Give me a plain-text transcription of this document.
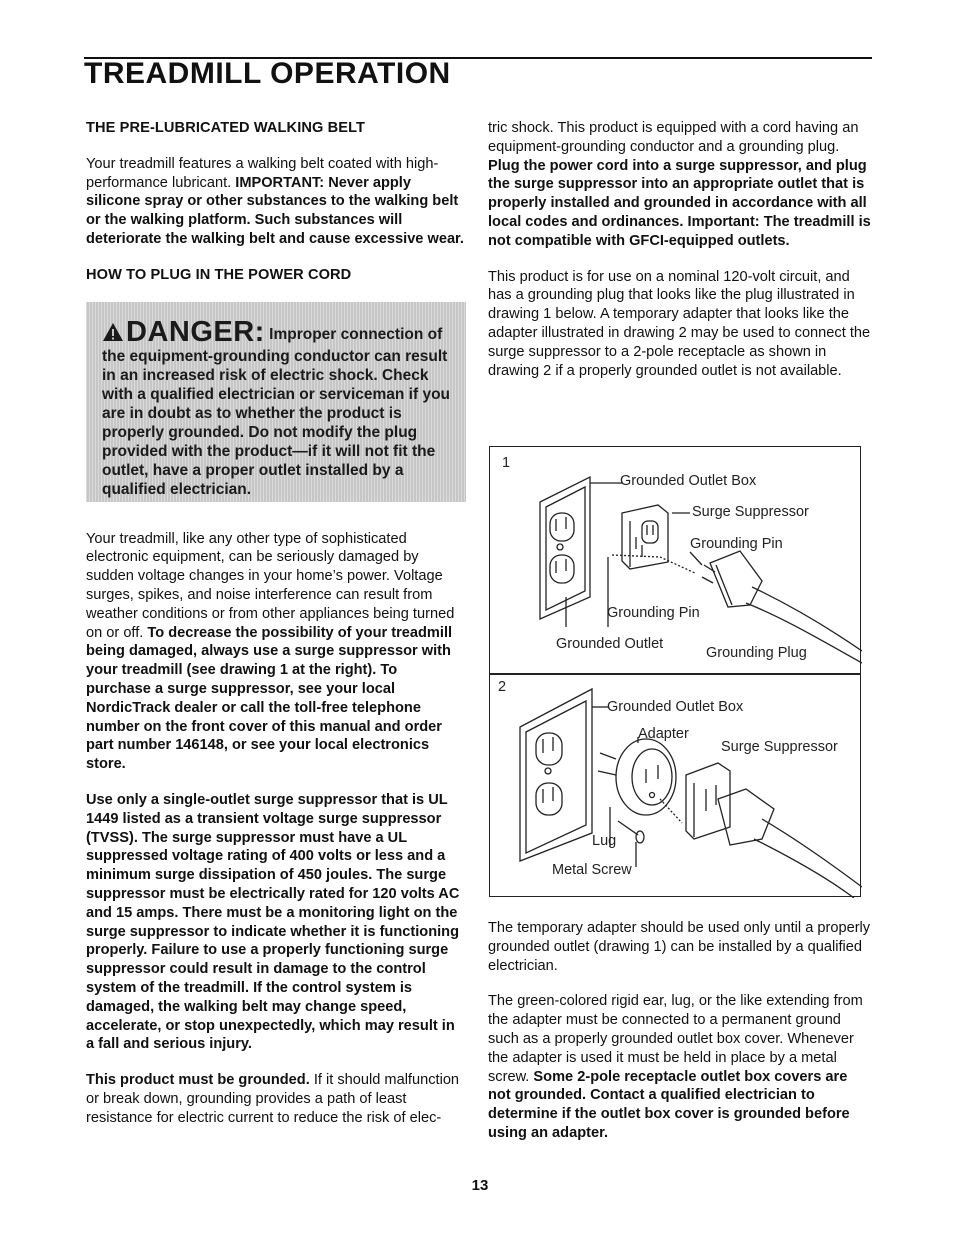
TREADMILL OPERATION
THE PRE-LUBRICATED WALKING BELT

Your treadmill features a walking belt coated with high-performance lubricant. IMPORTANT: Never apply silicone spray or other substances to the walking belt or the walking platform. Such substances will deteriorate the walking belt and cause excessive wear.

HOW TO PLUG IN THE POWER CORD
DANGER: Improper connection of the equipment-grounding conductor can result in an increased risk of electric shock. Check with a qualified electrician or serviceman if you are in doubt as to whether the product is properly grounded. Do not modify the plug provided with the product—if it will not fit the outlet, have a proper outlet installed by a qualified electrician.

Your treadmill, like any other type of sophisticated electronic equipment, can be seriously damaged by sudden voltage changes in your home’s power. Voltage surges, spikes, and noise interference can result from weather conditions or from other appliances being turned on or off. To decrease the possibility of your treadmill being damaged, always use a surge suppressor with your treadmill (see drawing 1 at the right). To purchase a surge suppressor, see your local NordicTrack dealer or call the toll-free telephone number on the front cover of this manual and order part number 146148, or see your local electronics store.

Use only a single-outlet surge suppressor that is UL 1449 listed as a transient voltage surge suppressor (TVSS). The surge suppressor must have a UL suppressed voltage rating of 400 volts or less and a minimum surge dissipation of 450 joules. The surge suppressor must be electrically rated for 120 volts AC and 15 amps. There must be a monitoring light on the surge suppressor to indicate whether it is functioning properly. Failure to use a properly functioning surge suppressor could result in damage to the control system of the treadmill. If the control system is damaged, the walking belt may change speed, accelerate, or stop unexpectedly, which may result in a fall and serious injury.

This product must be grounded. If it should malfunction or break down, grounding provides a path of least resistance for electric current to reduce the risk of elec-

tric shock. This product is equipped with a cord having an equipment-grounding conductor and a grounding plug. Plug the power cord into a surge suppressor, and plug the surge suppressor into an appropriate outlet that is properly installed and grounded in accordance with all local codes and ordinances. Important: The treadmill is not compatible with GFCI-equipped outlets.

This product is for use on a nominal 120-volt circuit, and has a grounding plug that looks like the plug illustrated in drawing 1 below. A temporary adapter that looks like the adapter illustrated in drawing 2 may be used to connect the surge suppressor to a 2-pole receptacle as shown in drawing 2 if a properly grounded outlet is not available.

1
Grounded Outlet Box
Surge Suppressor
Grounding Pin
Grounding Pin
Grounded Outlet
Grounding Plug
2
Grounded Outlet Box
Adapter
Surge Suppressor
Lug
Metal Screw

The temporary adapter should be used only until a properly grounded outlet (drawing 1) can be installed by a qualified electrician.

The green-colored rigid ear, lug, or the like extending from the adapter must be connected to a permanent ground such as a properly grounded outlet box cover. Whenever the adapter is used it must be held in place by a metal screw. Some 2-pole receptacle outlet box covers are not grounded. Contact a qualified electrician to determine if the outlet box cover is grounded before using an adapter.

13
